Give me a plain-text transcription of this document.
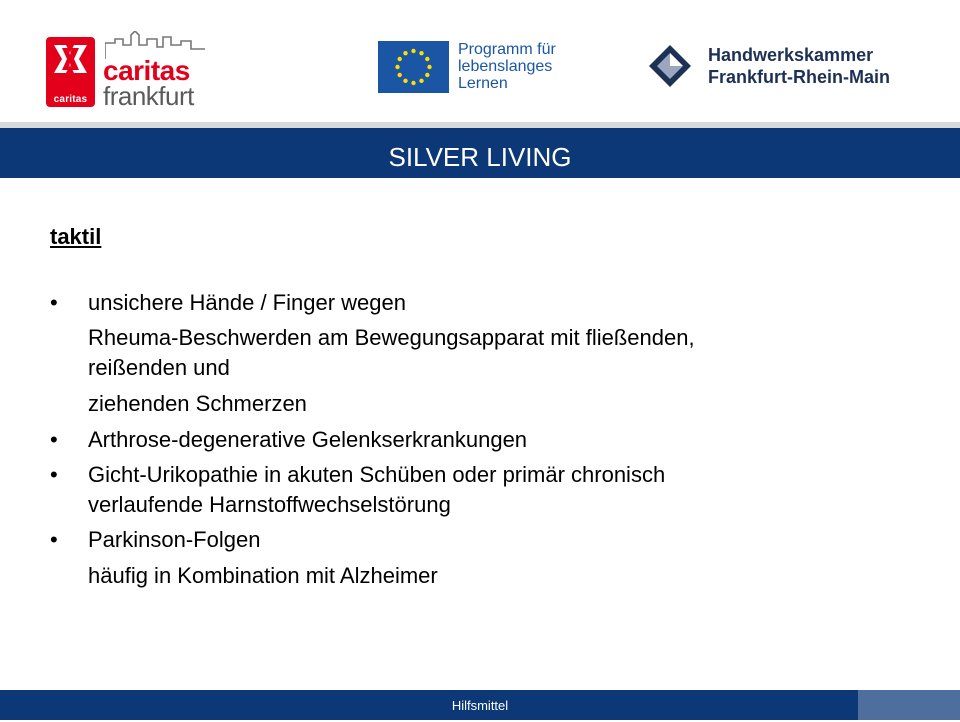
caritas
caritas
frankfurt
Programm für
lebenslanges
Lernen
Handwerkskammer
Frankfurt-Rhein-Main
SILVER LIVING
taktil
•	unsichere Hände / Finger wegen
Rheuma-Beschwerden am Bewegungsapparat mit fließenden,
reißenden und
ziehenden Schmerzen
•	Arthrose-degenerative Gelenkserkrankungen
•	Gicht-Urikopathie in akuten Schüben oder primär chronisch
verlaufende Harnstoffwechselstörung
•	Parkinson-Folgen
häufig in Kombination mit Alzheimer
Hilfsmittel
